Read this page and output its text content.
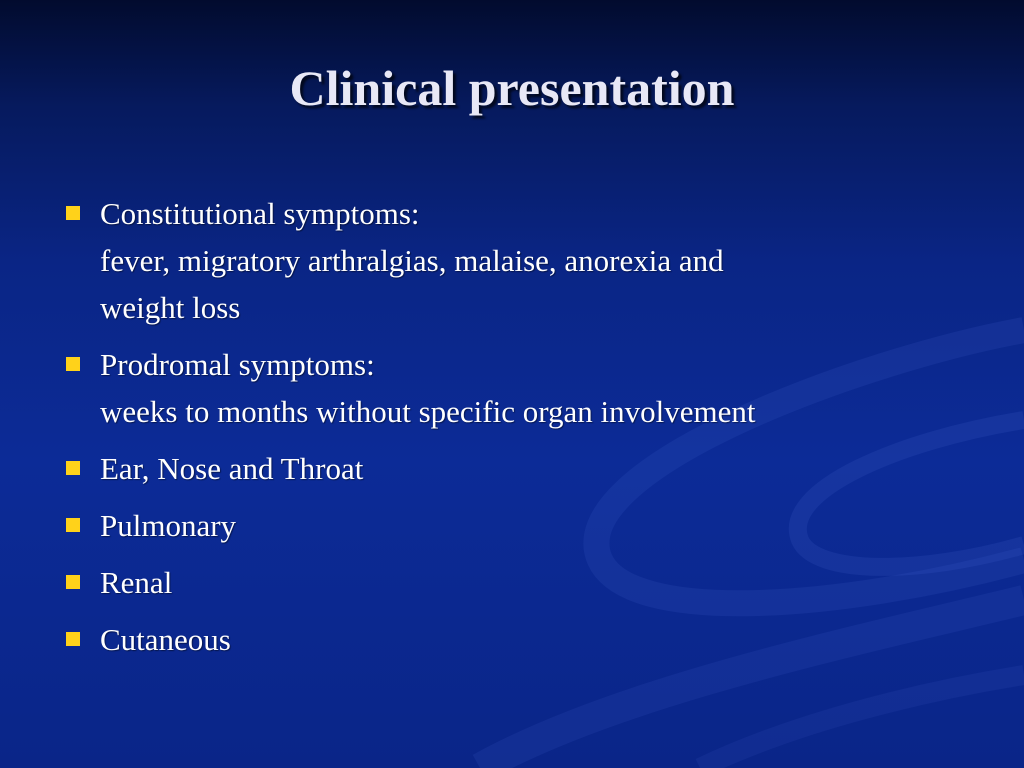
Clinical presentation
Constitutional symptoms:
fever, migratory arthralgias, malaise, anorexia and
weight loss
Prodromal symptoms:
weeks to months without specific organ involvement
Ear, Nose and Throat
Pulmonary
Renal
Cutaneous
